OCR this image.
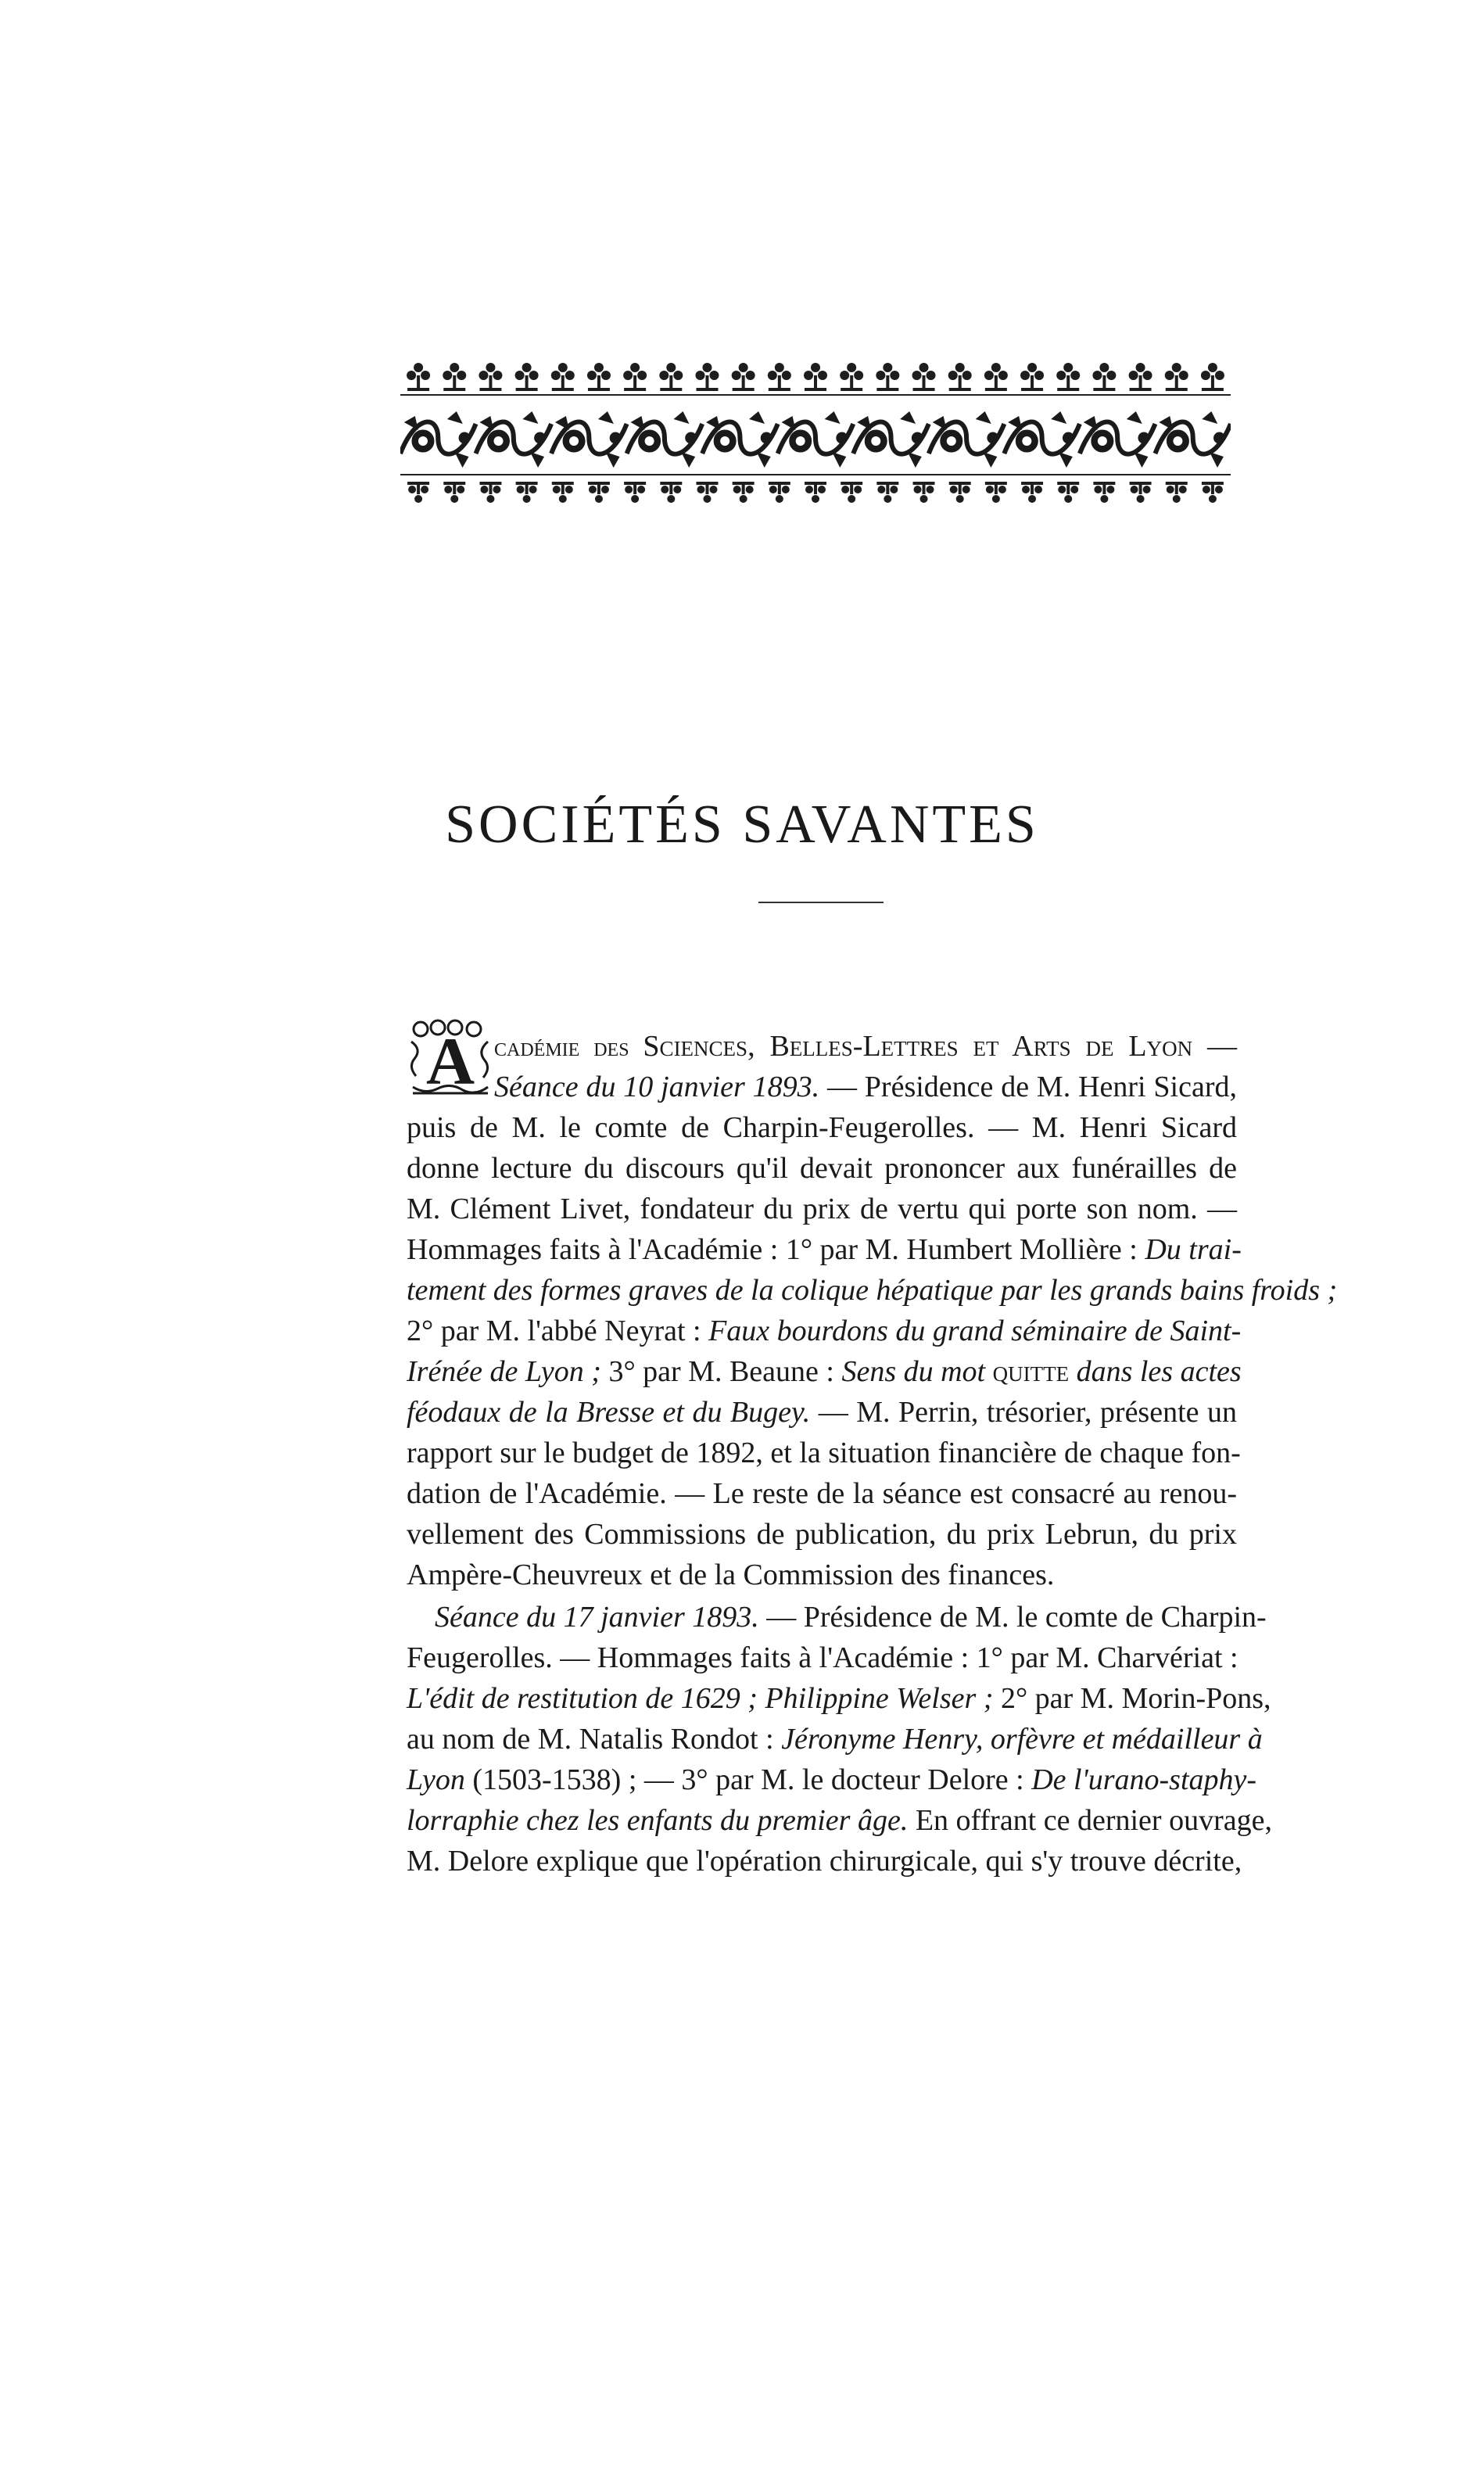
SOCIÉTÉS SAVANTES
A cadémie des Sciences, Belles-Lettres et Arts de Lyon —
Séance du 10 janvier 1893. — Présidence de M. Henri Sicard,
puis de M. le comte de Charpin-Feugerolles. — M. Henri Sicard
donne lecture du discours qu'il devait prononcer aux funérailles de
M. Clément Livet, fondateur du prix de vertu qui porte son nom. —
Hommages faits à l'Académie : 1° par M. Humbert Mollière : Du trai-
tement des formes graves de la colique hépatique par les grands bains froids ;
2° par M. l'abbé Neyrat : Faux bourdons du grand séminaire de Saint-
Irénée de Lyon ; 3° par M. Beaune : Sens du mot quitte dans les actes
féodaux de la Bresse et du Bugey. — M. Perrin, trésorier, présente un
rapport sur le budget de 1892, et la situation financière de chaque fon-
dation de l'Académie. — Le reste de la séance est consacré au renou-
vellement des Commissions de publication, du prix Lebrun, du prix
Ampère-Cheuvreux et de la Commission des finances.
Séance du 17 janvier 1893. — Présidence de M. le comte de Charpin-
Feugerolles. — Hommages faits à l'Académie : 1° par M. Charvériat :
L'édit de restitution de 1629 ; Philippine Welser ; 2° par M. Morin-Pons,
au nom de M. Natalis Rondot : Jéronyme Henry, orfèvre et médailleur à
Lyon (1503-1538) ; — 3° par M. le docteur Delore : De l'urano-staphy-
lorraphie chez les enfants du premier âge. En offrant ce dernier ouvrage,
M. Delore explique que l'opération chirurgicale, qui s'y trouve décrite,
